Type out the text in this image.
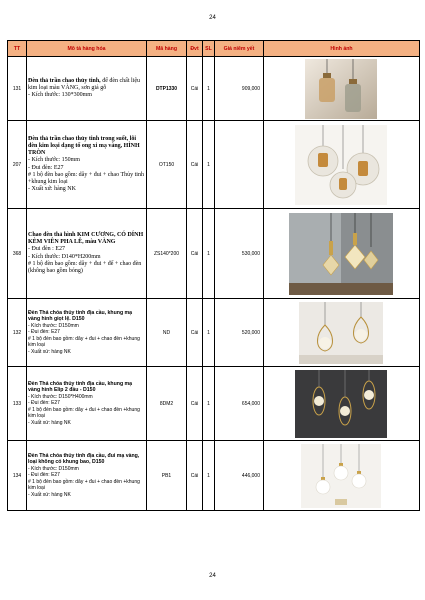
24
TT	Mô tả hàng hóa	Mã hàng	Đvt	SL	Giá niêm yết	Hình ảnh
131	Đèn thả trần chao thủy tinh, đế đèn chất liệu kim loại màu VÀNG, sơn giả gỗ
- Kích thước: 130*300mm	DTP1330	Cái	1	909,000	

207	Đèn thả trần chao thủy tinh trong suốt, lõi đèn kim loại dạng tổ ong xi mạ vàng, HÌNH TRÒN
- Kích thước: 150mm
- Đui đèn: E27
# 1 bộ đèn bao gồm: dây + đui + chao Thủy tinh +khung kim loại
- Xuất xứ: hàng NK	OT150	Cái	1		

368	Chao đèn thả hình KIM CƯƠNG, CÓ DÍNH KÈM VIÊN PHA LÊ, màu VÀNG
- Đui đèn : E27
- Kích thước: D140*H200mm
# 1 bộ đèn bao gồm: dây + đui + đế + chao đèn (không bao gồm bóng)	ZS140*200	Cái	1	530,000	

132	Đèn Thả chóa thủy tinh địa cầu, khung mạ vàng hình giọt lệ. D150
- Kích thước: D150mm
- Đui đèn: E27
# 1 bộ đèn bao gồm: dây + đui + chao đèn +khung kim loại
- Xuất xứ: hàng NK	ND	Cái	1	520,000	

133	Đèn Thả chóa thủy tinh địa cầu, khung mạ vàng hình Elip 2 đầu - D150
- Kích thước: D150*H400mm
- Đui đèn: E27
# 1 bộ đèn bao gồm: dây + đui + chao đèn +khung kim loại
- Xuất xứ: hàng NK	8DM2	Cái	1	654,000	

134	Đèn Thả chóa thủy tinh địa cầu, đui mạ vàng, loại không có khung bao, D150
- Kích thước: D150mm
- Đui đèn: E27
# 1 bộ đèn bao gồm: dây + đui + chao đèn +khung kim loại
- Xuất xứ: hàng NK	PB1	Cái	1	446,000	
24
